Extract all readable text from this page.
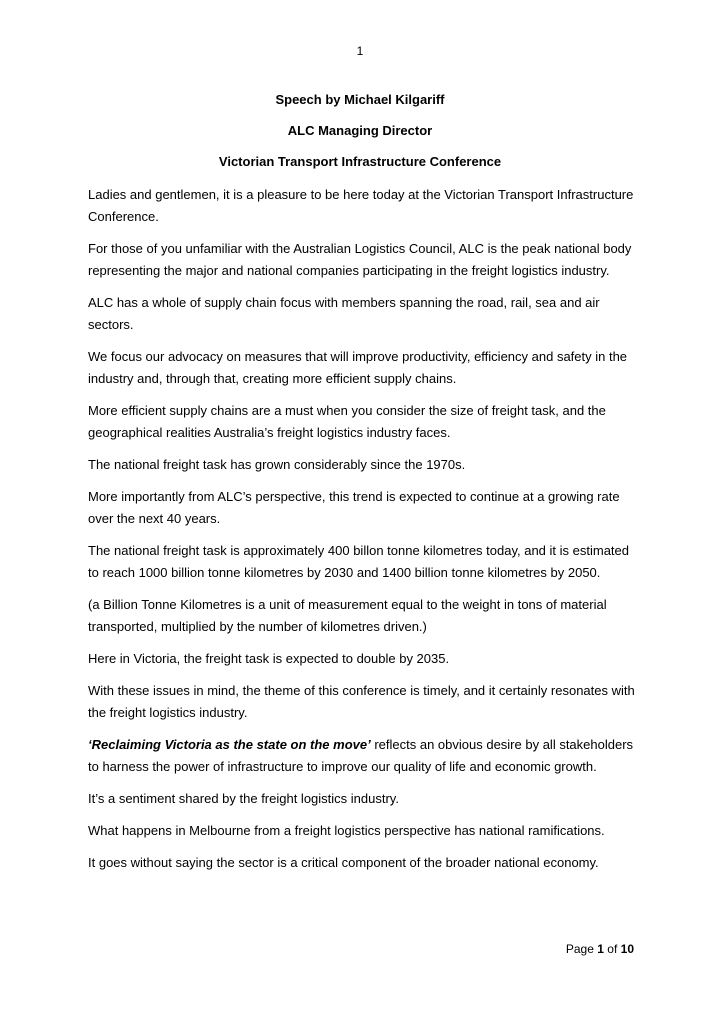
1
Speech by Michael Kilgariff
ALC Managing Director
Victorian Transport Infrastructure Conference

Ladies and gentlemen, it is a pleasure to be here today at the Victorian Transport Infrastructure Conference.

For those of you unfamiliar with the Australian Logistics Council, ALC is the peak national body representing the major and national companies participating in the freight logistics industry.

ALC has a whole of supply chain focus with members spanning the road, rail, sea and air sectors.

We focus our advocacy on measures that will improve productivity, efficiency and safety in the industry and, through that, creating more efficient supply chains.

More efficient supply chains are a must when you consider the size of freight task, and the geographical realities Australia’s freight logistics industry faces.

The national freight task has grown considerably since the 1970s.

More importantly from ALC’s perspective, this trend is expected to continue at a growing rate over the next 40 years.

The national freight task is approximately 400 billon tonne kilometres today, and it is estimated to reach 1000 billion tonne kilometres by 2030 and 1400 billion tonne kilometres by 2050.

(a Billion Tonne Kilometres is a unit of measurement equal to the weight in tons of material transported, multiplied by the number of kilometres driven.)

Here in Victoria, the freight task is expected to double by 2035.

With these issues in mind, the theme of this conference is timely, and it certainly resonates with the freight logistics industry.

‘Reclaiming Victoria as the state on the move’ reflects an obvious desire by all stakeholders to harness the power of infrastructure to improve our quality of life and economic growth.

It’s a sentiment shared by the freight logistics industry.

What happens in Melbourne from a freight logistics perspective has national ramifications.

It goes without saying the sector is a critical component of the broader national economy.

Page 1 of 10
